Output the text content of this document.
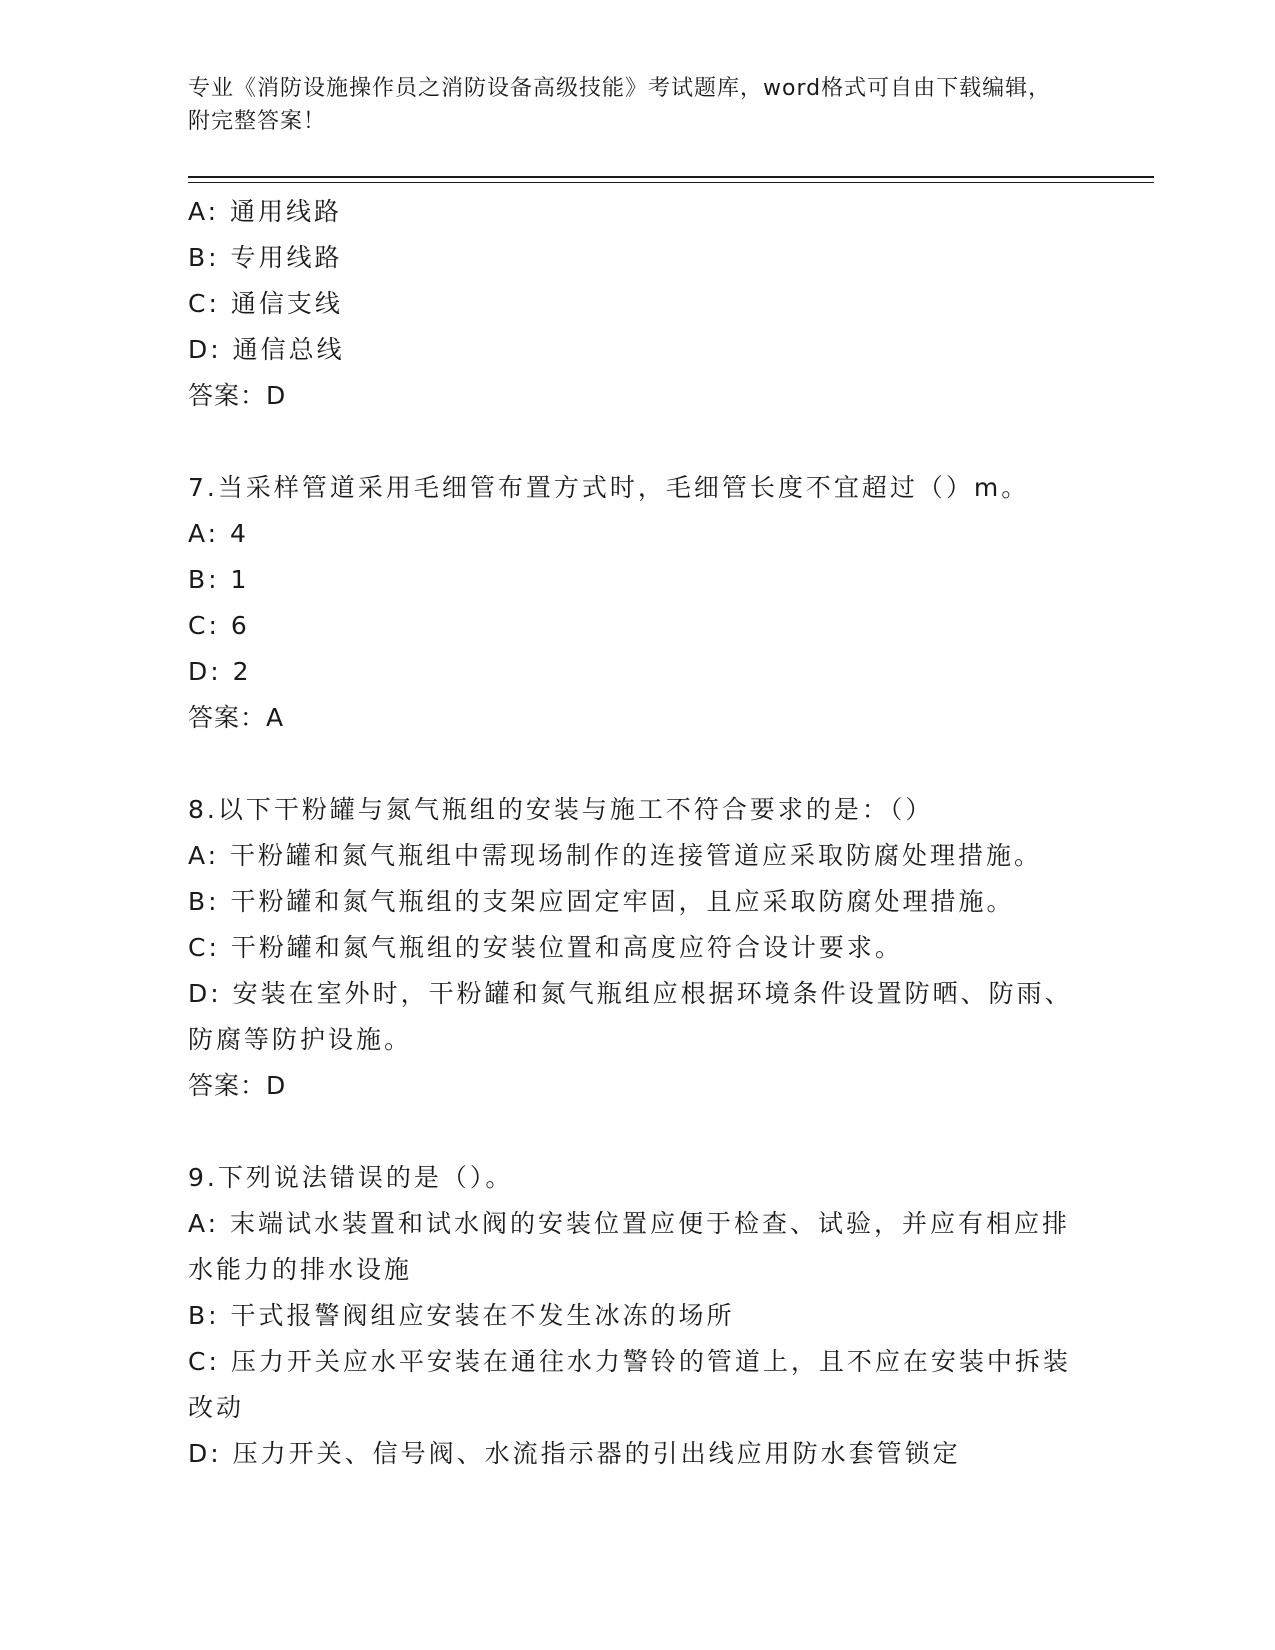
专业《消防设施操作员之消防设备高级技能》考试题库，word格式可自由下载编辑，附完整答案！
A: 通用线路
B: 专用线路
C: 通信支线
D: 通信总线
答案：D
7.当采样管道采用毛细管布置方式时，毛细管长度不宜超过（）m。
A: 4
B: 1
C: 6
D: 2
答案：A
8.以下干粉罐与氮气瓶组的安装与施工不符合要求的是：（）
A: 干粉罐和氮气瓶组中需现场制作的连接管道应采取防腐处理措施。
B: 干粉罐和氮气瓶组的支架应固定牢固，且应采取防腐处理措施。
C: 干粉罐和氮气瓶组的安装位置和高度应符合设计要求。
D: 安装在室外时，干粉罐和氮气瓶组应根据环境条件设置防晒、防雨、防腐等防护设施。
答案：D
9.下列说法错误的是（）。
A: 末端试水装置和试水阀的安装位置应便于检查、试验，并应有相应排水能力的排水设施
B: 干式报警阀组应安装在不发生冰冻的场所
C: 压力开关应水平安装在通往水力警铃的管道上，且不应在安装中拆装改动
D: 压力开关、信号阀、水流指示器的引出线应用防水套管锁定
